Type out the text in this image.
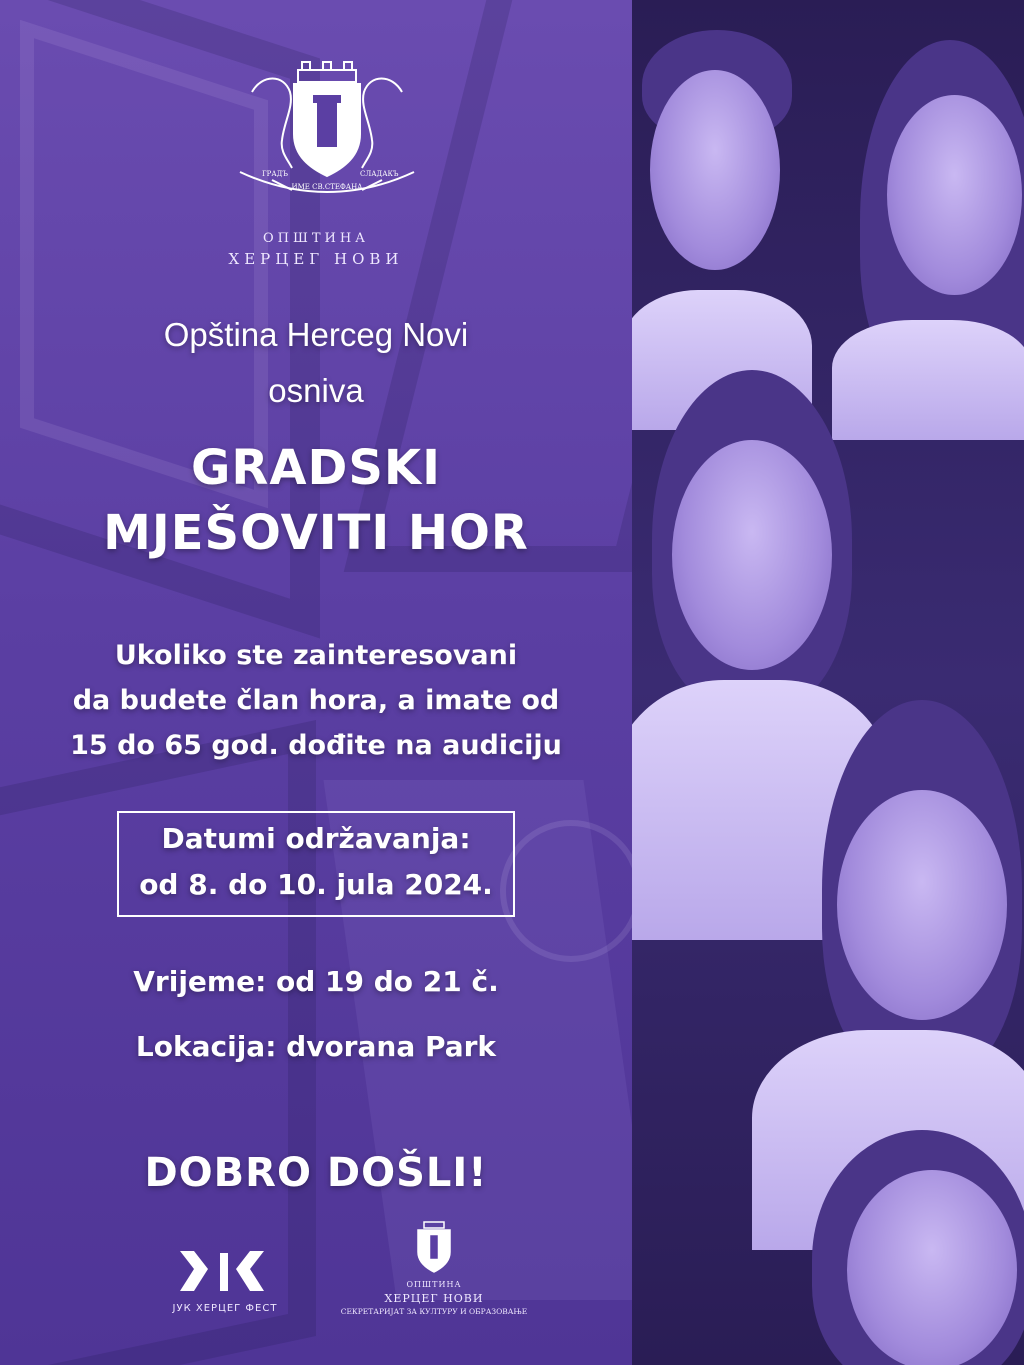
ГРАДЪ	СЛАДАКЪ
ИМЕ СВ.СТЕФАНА
ОПШТИНА
ХЕРЦЕГ НОВИ
Opština Herceg Novi
osniva
GRADSKI
MJEŠOVITI HOR
Ukoliko ste zainteresovani
da budete član hora, a imate od
15 do 65 god. dođite na audiciju
Datumi održavanja:
od 8. do 10. jula 2024.
Vrijeme: od 19 do 21 č.
Lokacija: dvorana Park
DOBRO DOŠLI!
ЈУК ХЕРЦЕГ ФЕСТ
ОПШТИНА
ХЕРЦЕГ НОВИ
СЕКРЕТАРИЈАТ ЗА КУЛТУРУ И ОБРАЗОВАЊЕ
